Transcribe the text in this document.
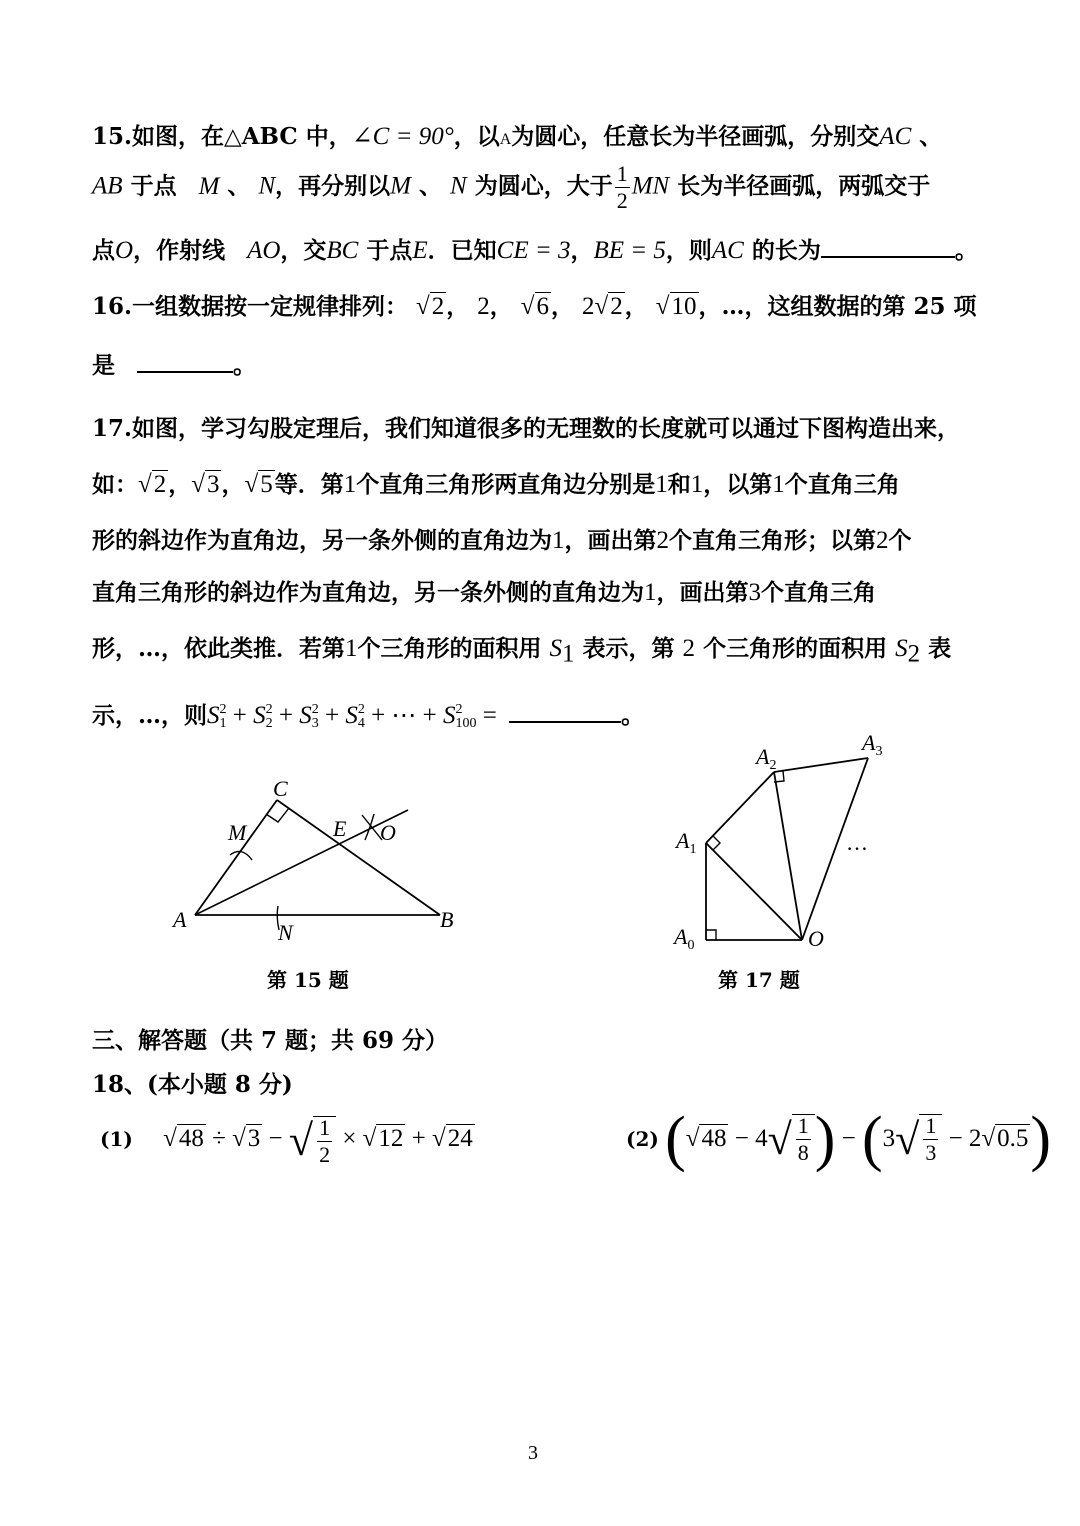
15.如图，在△ABC 中，∠C = 90°，以A为圆心，任意长为半径画弧，分别交AC 、
AB 于点 M 、 N，再分别以M 、 N 为圆心，大于 $\frac{1}{2}$ MN 长为半径画弧，两弧交于
点O，作射线 AO，交BC 于点E．已知CE = 3，BE = 5，则AC 的长为	。
16.一组数据按一定规律排列： √2， 2， √6， 2√2， √10，…，这组数据的第 25 项
是	。
17.如图，学习勾股定理后，我们知道很多的无理数的长度就可以通过下图构造出来，
如：√2，√3，√5等．第1个直角三角形两直角边分别是1和1，以第1个直角三角
形的斜边作为直角边，另一条外侧的直角边为1，画出第2个直角三角形；以第2个
直角三角形的斜边作为直角边，另一条外侧的直角边为1，画出第3个直角三角
形，…，依此类推．若第1个三角形的面积用 $S_1$ 表示，第 2 个三角形的面积用 $S_2$ 表
示，…，则S 2
1 + S 2
2 + S 2
3 + S 2
4 + ⋯ + S 2
100 =	。
C
M	E O
A
N
B
第 15 题
$A_3$
$A_2$
$A_1$
$A_0$	O
…
第 17 题
三、解答题（共 7 题；共 69 分）
18、(本小题 8 分)
(1) √48 ÷ √3 − √ $\frac{1}{2} \times √12 + √24$	(2) ($√48 - 4√ \frac{1}{8}$ ) − $(3√ \frac{1}{3} - 2√0.5)$
3
